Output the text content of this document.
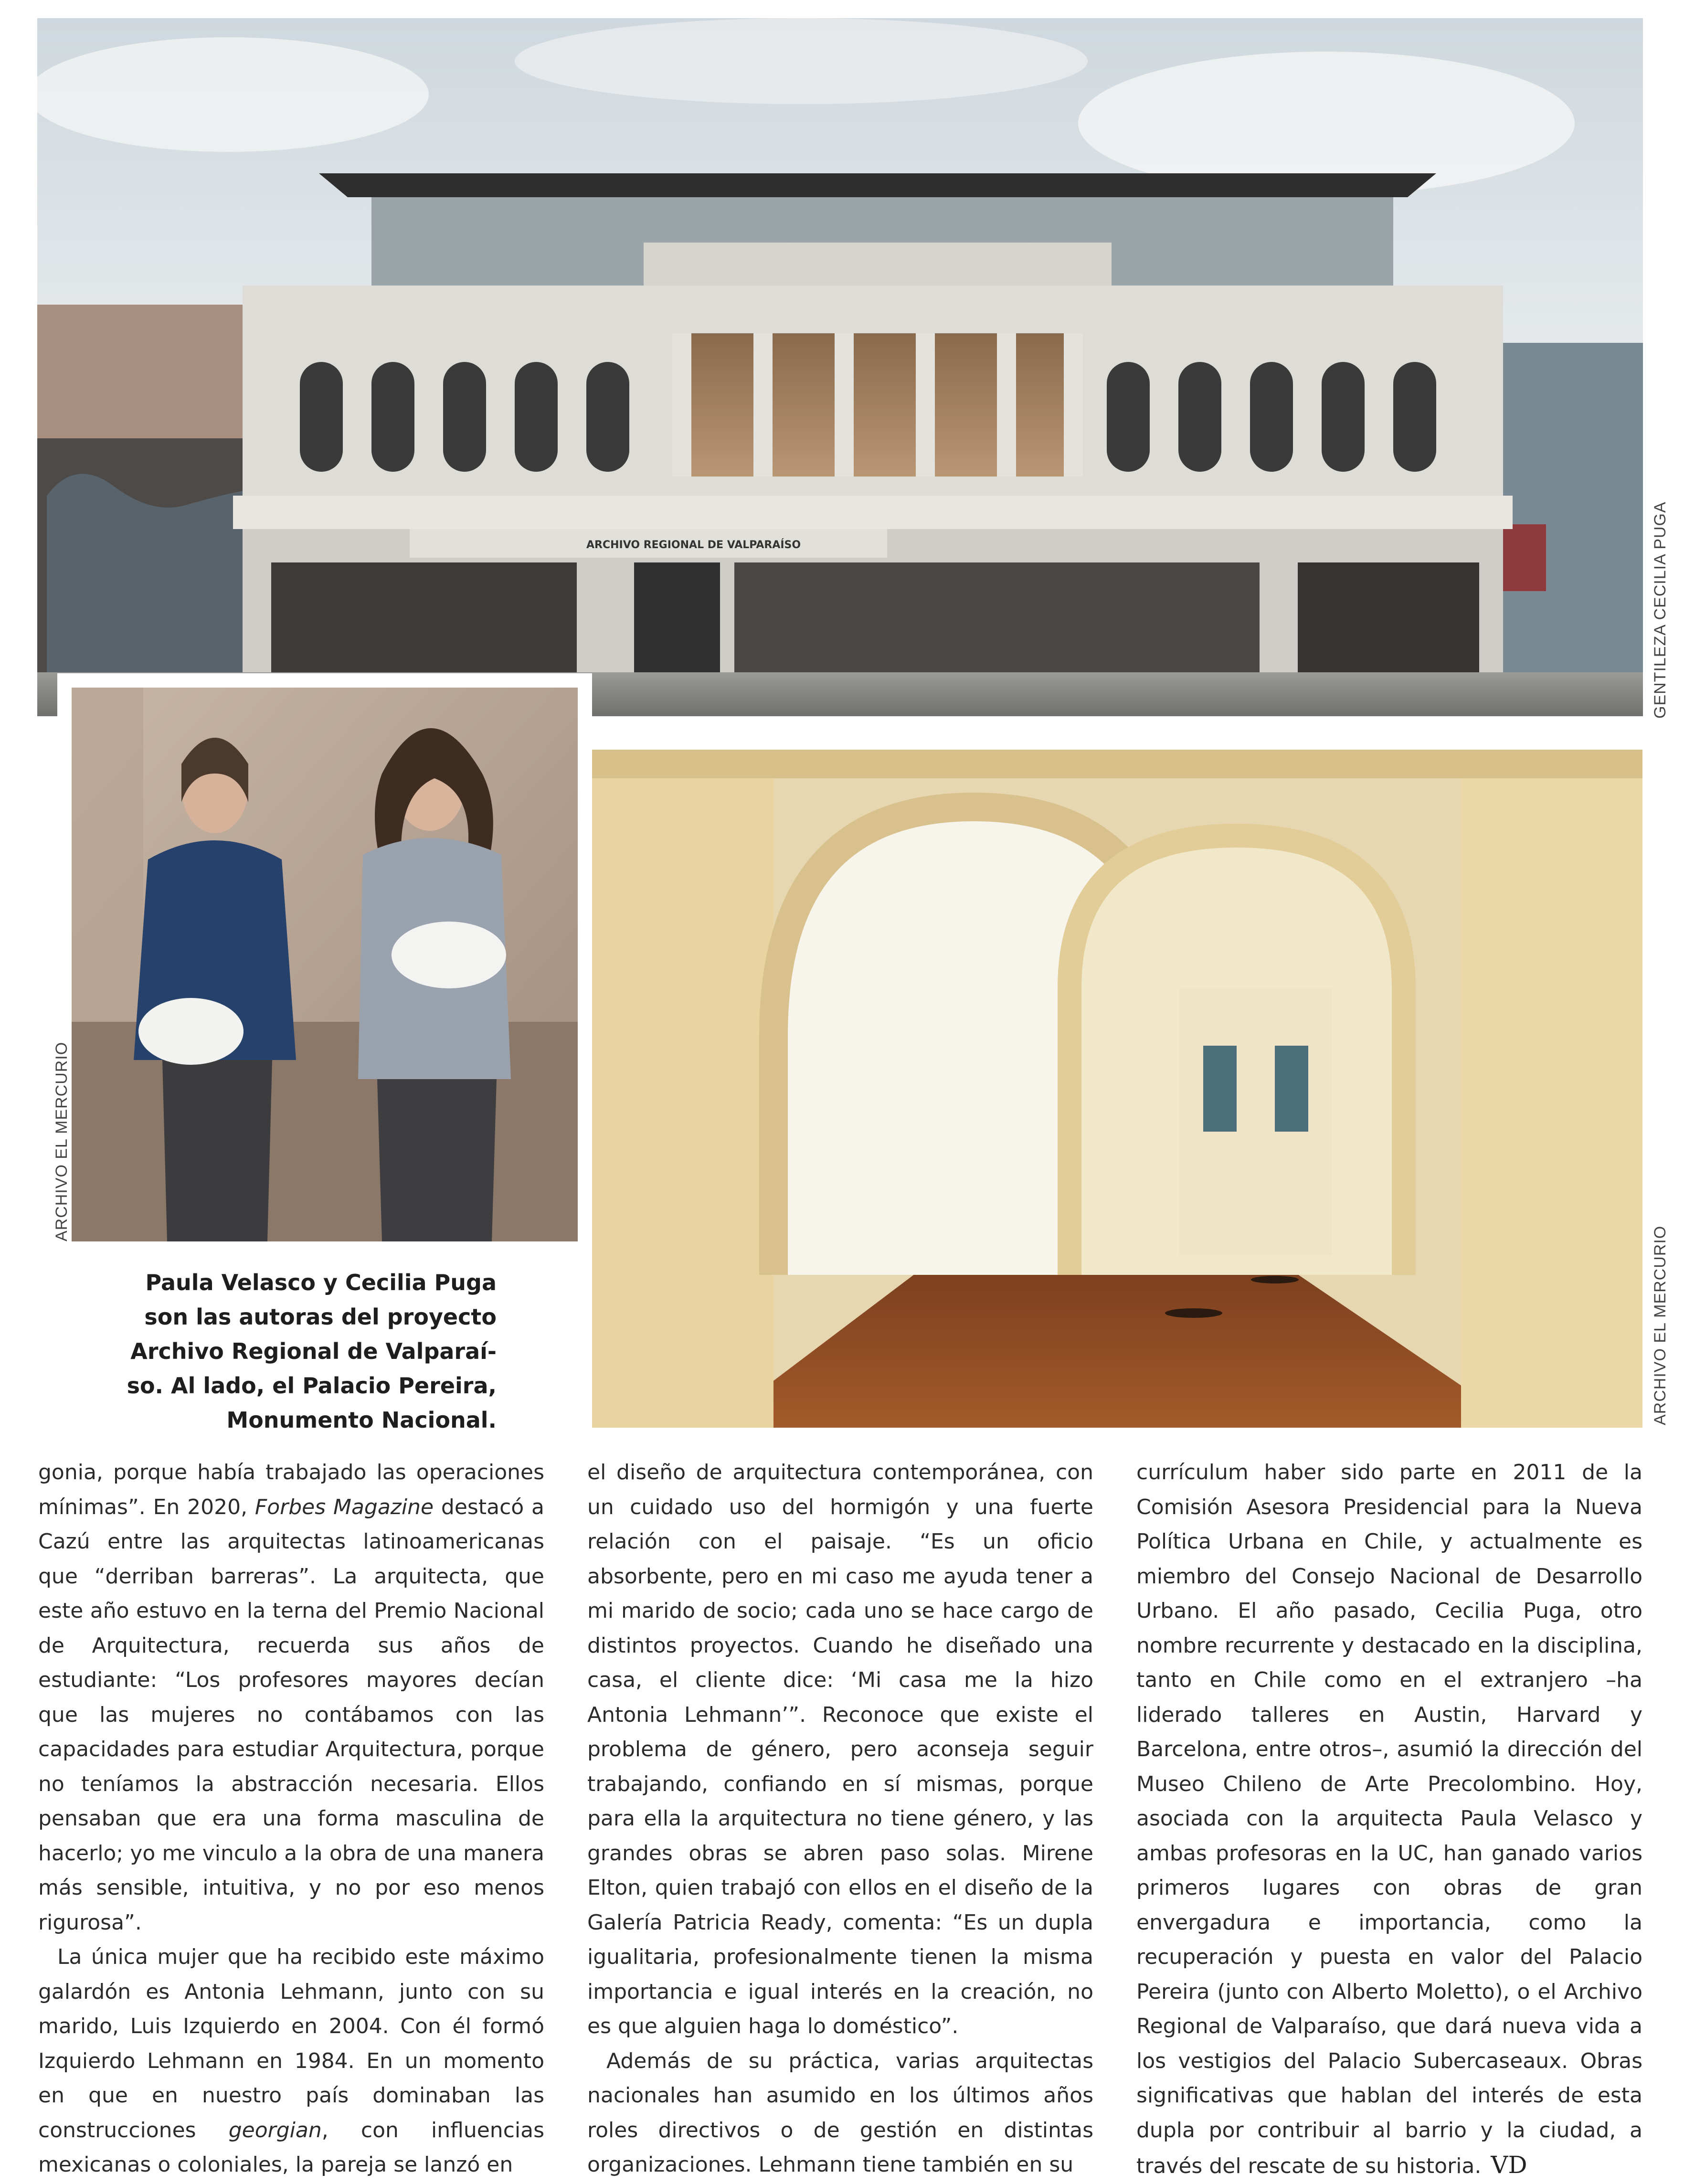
ARCHIVO REGIONAL DE VALPARAÍSO	GENTILEZA CECILIA PUGA
ARCHIVO EL MERCURIO
ARCHIVO EL MERCURIO
Paula Velasco y Cecilia Puga
son las autoras del proyecto
Archivo Regional de Valparaí-
so. Al lado, el Palacio Pereira,
Monumento Nacional.

gonia, porque había trabajado las operaciones mínimas”. En 2020, Forbes Magazine destacó a Cazú entre las arquitectas latinoamericanas que “derriban barreras”. La arquitecta, que este año estuvo en la terna del Premio Nacional de Arquitectura, recuerda sus años de estudiante: “Los profesores mayores decían que las mujeres no contábamos con las capacidades para estudiar Arquitectura, porque no teníamos la abstracción necesaria. Ellos pensaban que era una forma masculina de hacerlo; yo me vinculo a la obra de una manera más sensible, intuitiva, y no por eso menos rigurosa”.

La única mujer que ha recibido este máximo galardón es Antonia Lehmann, junto con su marido, Luis Izquierdo en 2004. Con él formó Izquierdo Lehmann en 1984. En un momento en que en nuestro país dominaban las construcciones georgian, con influencias mexicanas o coloniales, la pareja se lanzó en

el diseño de arquitectura contemporánea, con un cuidado uso del hormigón y una fuerte relación con el paisaje. “Es un oficio absorbente, pero en mi caso me ayuda tener a mi marido de socio; cada uno se hace cargo de distintos proyectos. Cuando he diseñado una casa, el cliente dice: ‘Mi casa me la hizo Antonia Lehmann’”. Reconoce que existe el problema de género, pero aconseja seguir trabajando, confiando en sí mismas, porque para ella la arquitectura no tiene género, y las grandes obras se abren paso solas. Mirene Elton, quien trabajó con ellos en el diseño de la Galería Patricia Ready, comenta: “Es un dupla igualitaria, profesionalmente tienen la misma importancia e igual interés en la creación, no es que alguien haga lo doméstico”.

Además de su práctica, varias arquitectas nacionales han asumido en los últimos años roles directivos o de gestión en distintas organizaciones. Lehmann tiene también en su

currículum haber sido parte en 2011 de la Comisión Asesora Presidencial para la Nueva Política Urbana en Chile, y actualmente es miembro del Consejo Nacional de Desarrollo Urbano. El año pasado, Cecilia Puga, otro nombre recurrente y destacado en la disciplina, tanto en Chile como en el extranjero –ha liderado talleres en Austin, Harvard y Barcelona, entre otros–, asumió la dirección del Museo Chileno de Arte Precolombino. Hoy, asociada con la arquitecta Paula Velasco y ambas profesoras en la UC, han ganado varios primeros lugares con obras de gran envergadura e importancia, como la recuperación y puesta en valor del Palacio Pereira (junto con Alberto Moletto), o el Archivo Regional de Valparaíso, que dará nueva vida a los vestigios del Palacio Subercaseaux. Obras significativas que hablan del interés de esta dupla por contribuir al barrio y la ciudad, a través del rescate de su historia. VD
